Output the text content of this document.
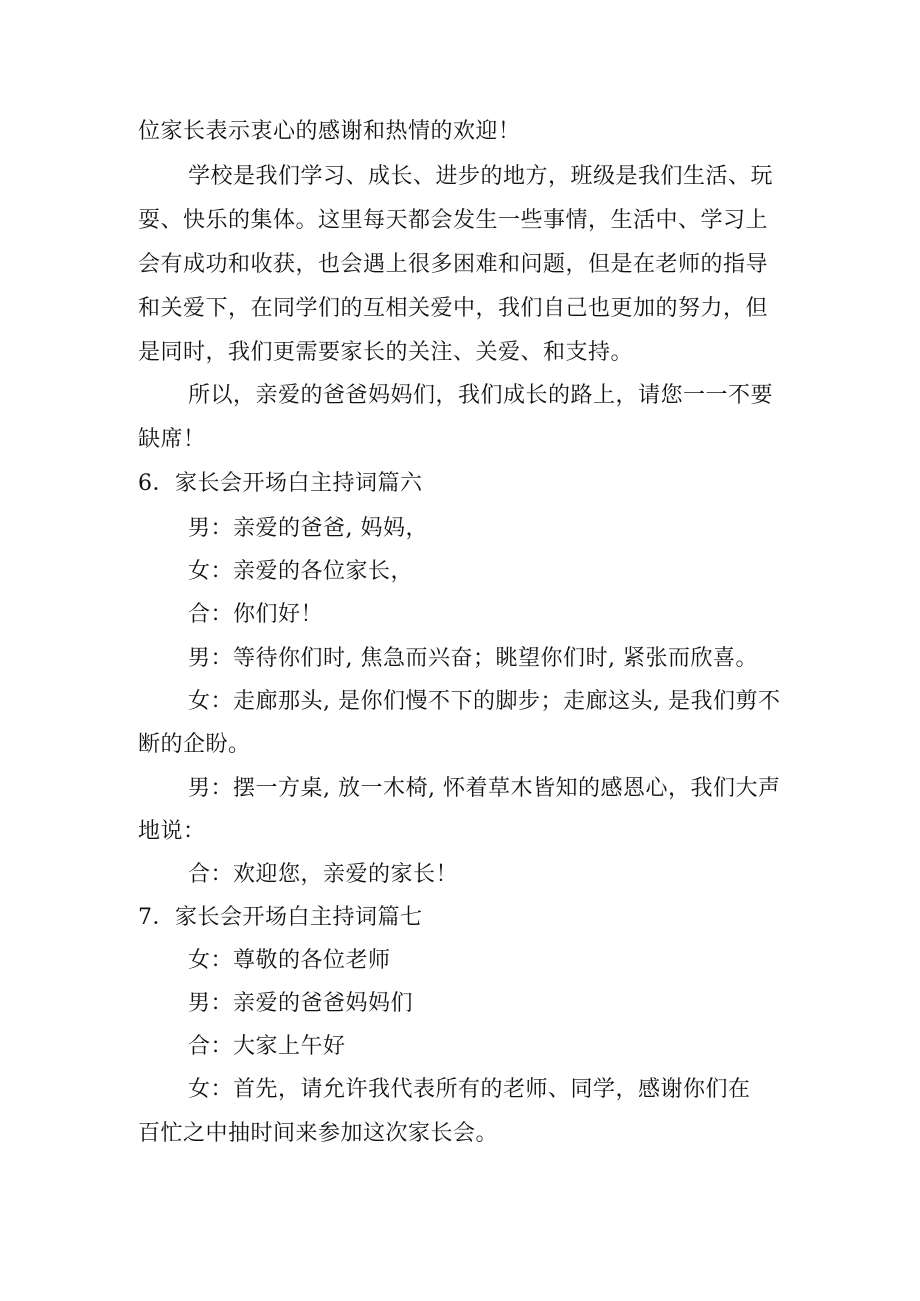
位家长表示衷心的感谢和热情的欢迎！
学校是我们学习、成长、进步的地方，班级是我们生活、玩
耍、快乐的集体。这里每天都会发生一些事情，生活中、学习上
会有成功和收获，也会遇上很多困难和问题，但是在老师的指导
和关爱下，在同学们的互相关爱中，我们自己也更加的努力，但
是同时，我们更需要家长的关注、关爱、和支持。
所以，亲爱的爸爸妈妈们，我们成长的路上，请您一一不要
缺席！
6．家长会开场白主持词篇六
男：亲爱的爸爸, 妈妈，
女：亲爱的各位家长，
合：你们好！
男：等待你们时, 焦急而兴奋；眺望你们时, 紧张而欣喜。
女：走廊那头, 是你们慢不下的脚步；走廊这头, 是我们剪不
断的企盼。
男：摆一方桌, 放一木椅, 怀着草木皆知的感恩心，我们大声
地说：
合：欢迎您，亲爱的家长！
7．家长会开场白主持词篇七
女：尊敬的各位老师
男：亲爱的爸爸妈妈们
合：大家上午好
女：首先，请允许我代表所有的老师、同学，感谢你们在
百忙之中抽时间来参加这次家长会。
